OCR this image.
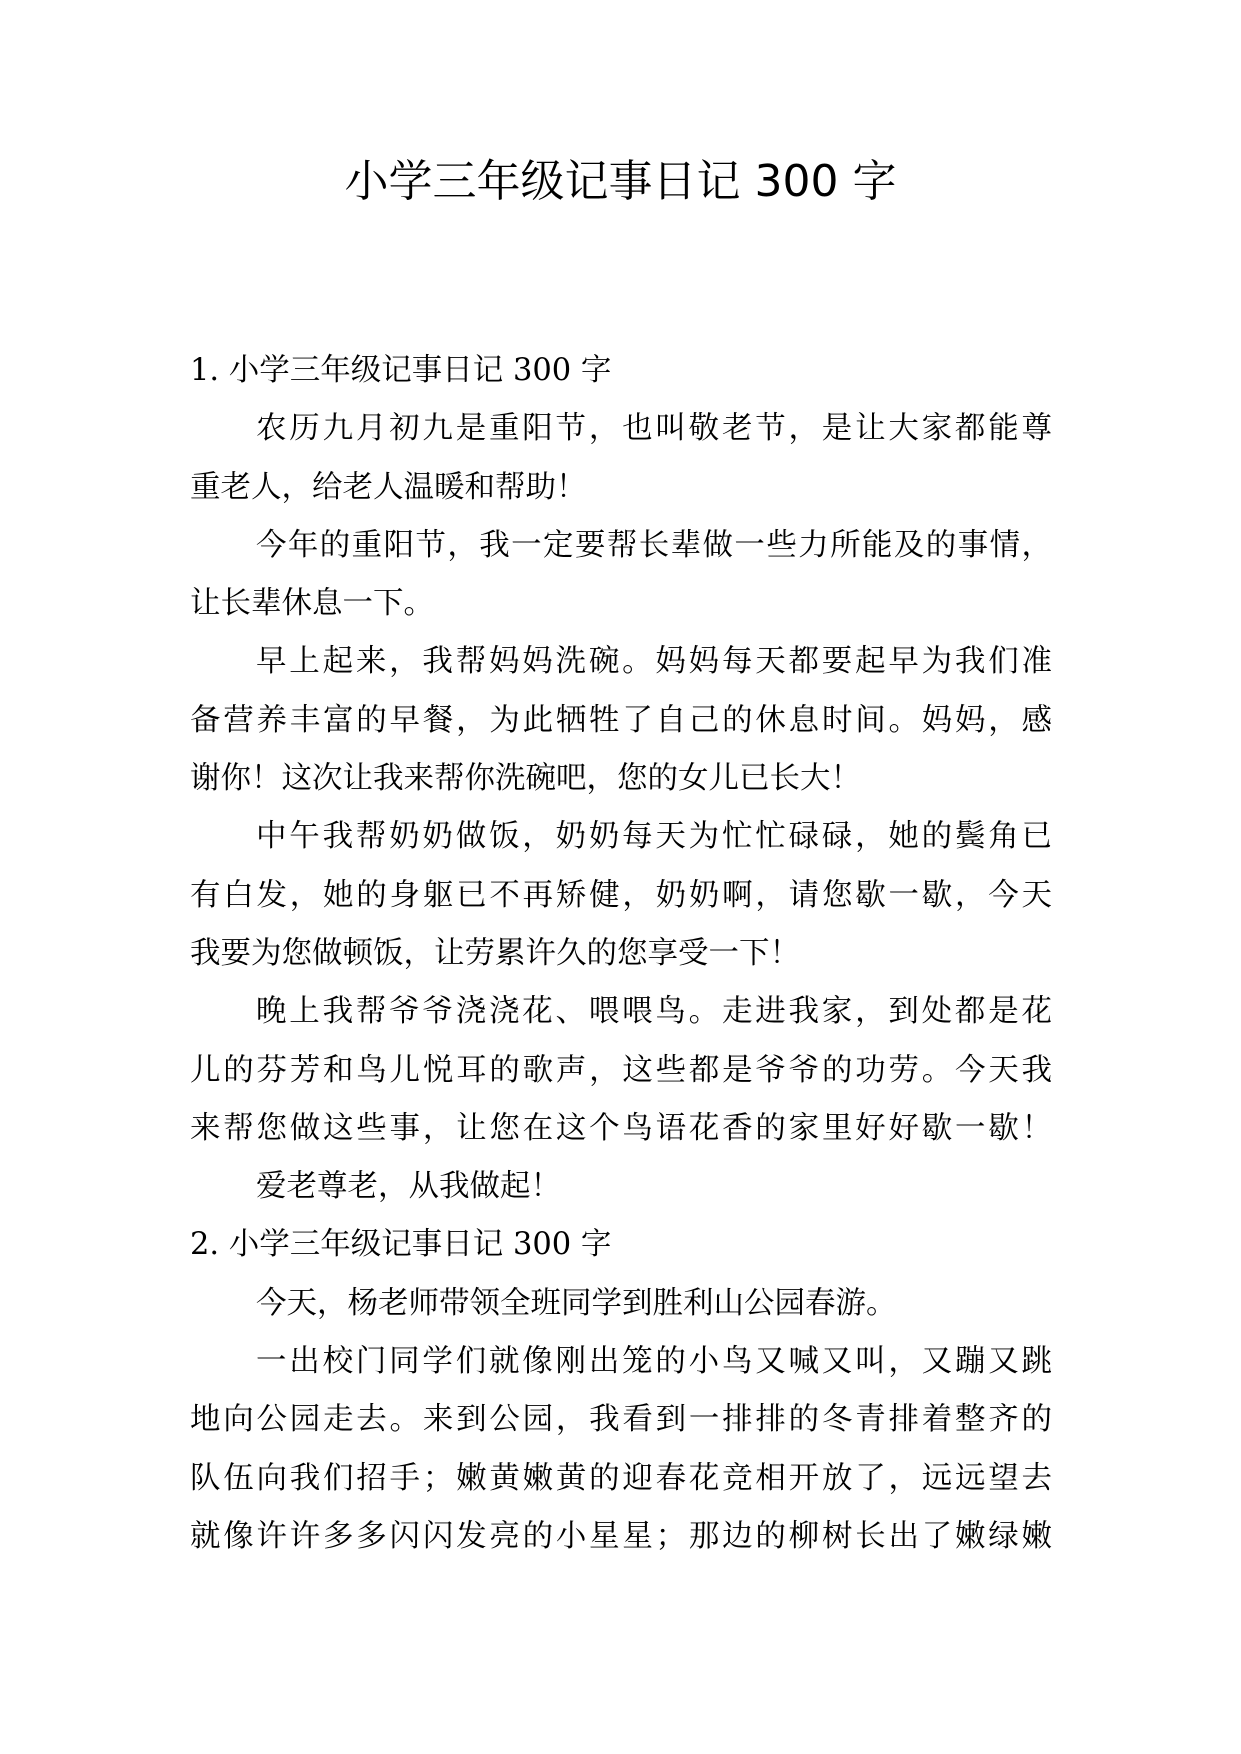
小学三年级记事日记 300 字
1. 小学三年级记事日记 300 字
农历九月初九是重阳节，也叫敬老节，是让大家都能尊
重老人，给老人温暖和帮助！
今年的重阳节，我一定要帮长辈做一些力所能及的事情，
让长辈休息一下。
早上起来，我帮妈妈洗碗。妈妈每天都要起早为我们准
备营养丰富的早餐，为此牺牲了自己的休息时间。妈妈，感
谢你！这次让我来帮你洗碗吧，您的女儿已长大！
中午我帮奶奶做饭，奶奶每天为忙忙碌碌，她的鬓角已
有白发，她的身躯已不再矫健，奶奶啊，请您歇一歇，今天
我要为您做顿饭，让劳累许久的您享受一下！
晚上我帮爷爷浇浇花、喂喂鸟。走进我家，到处都是花
儿的芬芳和鸟儿悦耳的歌声，这些都是爷爷的功劳。今天我
来帮您做这些事，让您在这个鸟语花香的家里好好歇一歇！
爱老尊老，从我做起！
2. 小学三年级记事日记 300 字
今天，杨老师带领全班同学到胜利山公园春游。
一出校门同学们就像刚出笼的小鸟又喊又叫，又蹦又跳
地向公园走去。来到公园，我看到一排排的冬青排着整齐的
队伍向我们招手；嫩黄嫩黄的迎春花竞相开放了，远远望去
就像许许多多闪闪发亮的小星星；那边的柳树长出了嫩绿嫩
